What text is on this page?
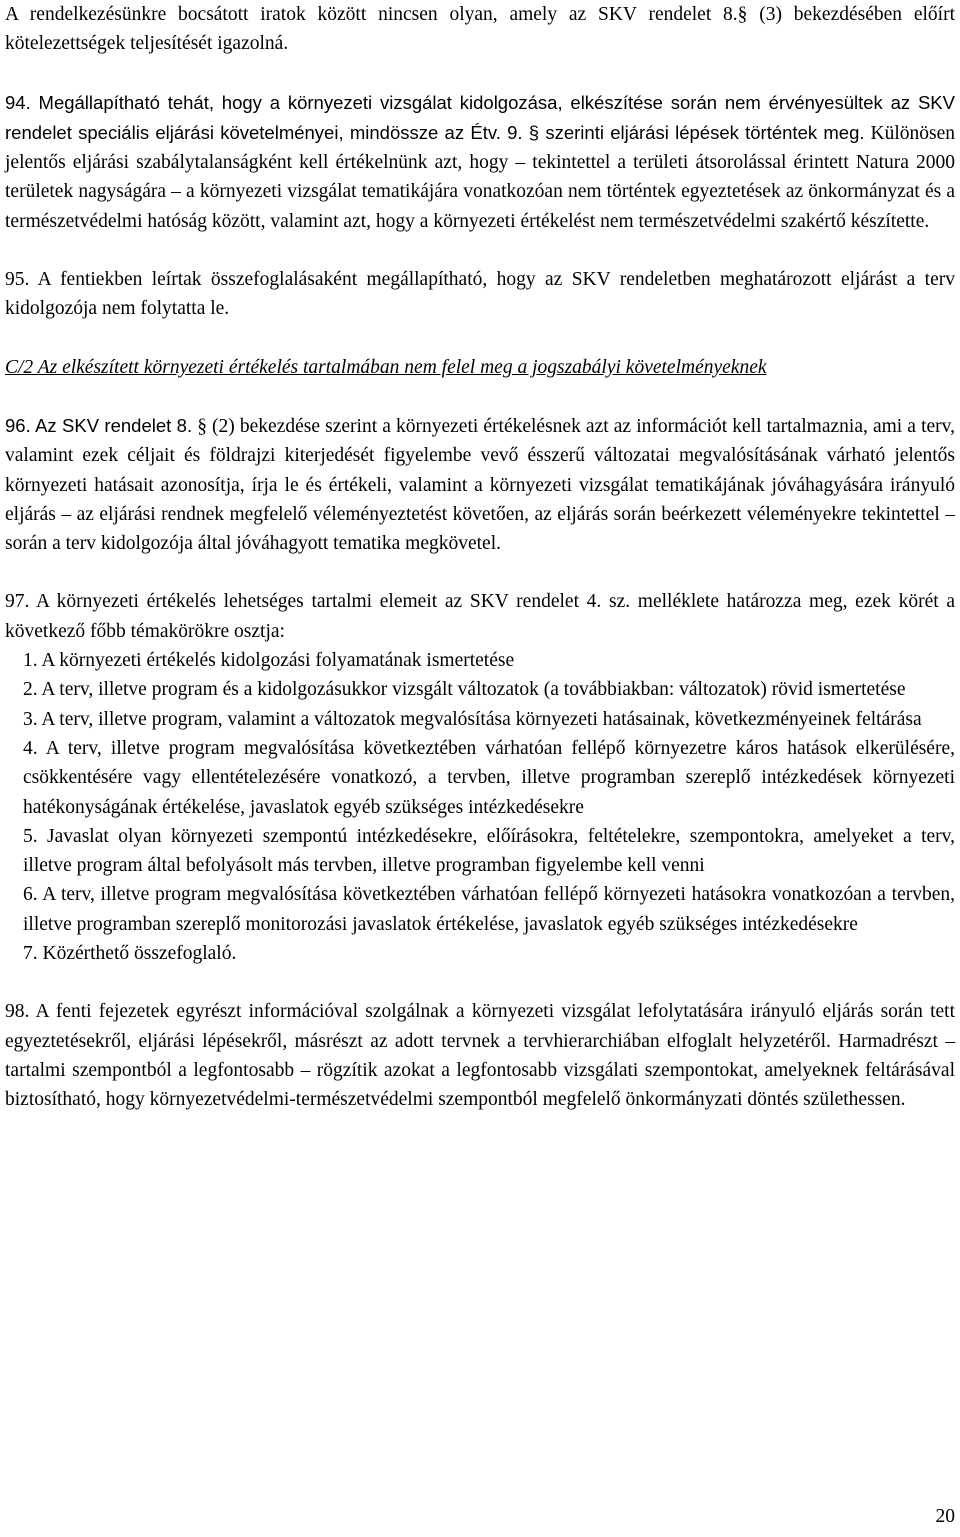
A rendelkezésünkre bocsátott iratok között nincsen olyan, amely az SKV rendelet 8.§ (3) bekezdésében előírt kötelezettségek teljesítését igazolná.

94. Megállapítható tehát, hogy a környezeti vizsgálat kidolgozása, elkészítése során nem érvényesültek az SKV rendelet speciális eljárási követelményei, mindössze az Étv. 9. § szerinti eljárási lépések történtek meg. Különösen jelentős eljárási szabálytalanságként kell értékelnünk azt, hogy – tekintettel a területi átsorolással érintett Natura 2000 területek nagyságára – a környezeti vizsgálat tematikájára vonatkozóan nem történtek egyeztetések az önkormányzat és a természetvédelmi hatóság között, valamint azt, hogy a környezeti értékelést nem természetvédelmi szakértő készítette.

95. A fentiekben leírtak összefoglalásaként megállapítható, hogy az SKV rendeletben meghatározott eljárást a terv kidolgozója nem folytatta le.

C/2 Az elkészített környezeti értékelés tartalmában nem felel meg a jogszabályi követelményeknek

96. Az SKV rendelet 8. § (2) bekezdése szerint a környezeti értékelésnek azt az információt kell tartalmaznia, ami a terv, valamint ezek céljait és földrajzi kiterjedését figyelembe vevő ésszerű változatai megvalósításának várható jelentős környezeti hatásait azonosítja, írja le és értékeli, valamint a környezeti vizsgálat tematikájának jóváhagyására irányuló eljárás – az eljárási rendnek megfelelő véleményeztetést követően, az eljárás során beérkezett véleményekre tekintettel – során a terv kidolgozója által jóváhagyott tematika megkövetel.

97. A környezeti értékelés lehetséges tartalmi elemeit az SKV rendelet 4. sz. melléklete határozza meg, ezek körét a következő főbb témakörökre osztja:

1. A környezeti értékelés kidolgozási folyamatának ismertetése
2. A terv, illetve program és a kidolgozásukkor vizsgált változatok (a továbbiakban: változatok) rövid ismertetése
3. A terv, illetve program, valamint a változatok megvalósítása környezeti hatásainak, következményeinek feltárása
4. A terv, illetve program megvalósítása következtében várhatóan fellépő környezetre káros hatások elkerülésére, csökkentésére vagy ellentételezésére vonatkozó, a tervben, illetve programban szereplő intézkedések környezeti hatékonyságának értékelése, javaslatok egyéb szükséges intézkedésekre
5. Javaslat olyan környezeti szempontú intézkedésekre, előírásokra, feltételekre, szempontokra, amelyeket a terv, illetve program által befolyásolt más tervben, illetve programban figyelembe kell venni
6. A terv, illetve program megvalósítása következtében várhatóan fellépő környezeti hatásokra vonatkozóan a tervben, illetve programban szereplő monitorozási javaslatok értékelése, javaslatok egyéb szükséges intézkedésekre
7. Közérthető összefoglaló.

98. A fenti fejezetek egyrészt információval szolgálnak a környezeti vizsgálat lefolytatására irányuló eljárás során tett egyeztetésekről, eljárási lépésekről, másrészt az adott tervnek a tervhierarchiában elfoglalt helyzetéről. Harmadrészt – tartalmi szempontból a legfontosabb – rögzítik azokat a legfontosabb vizsgálati szempontokat, amelyeknek feltárásával biztosítható, hogy környezetvédelmi-természetvédelmi szempontból megfelelő önkormányzati döntés születhessen.

20
